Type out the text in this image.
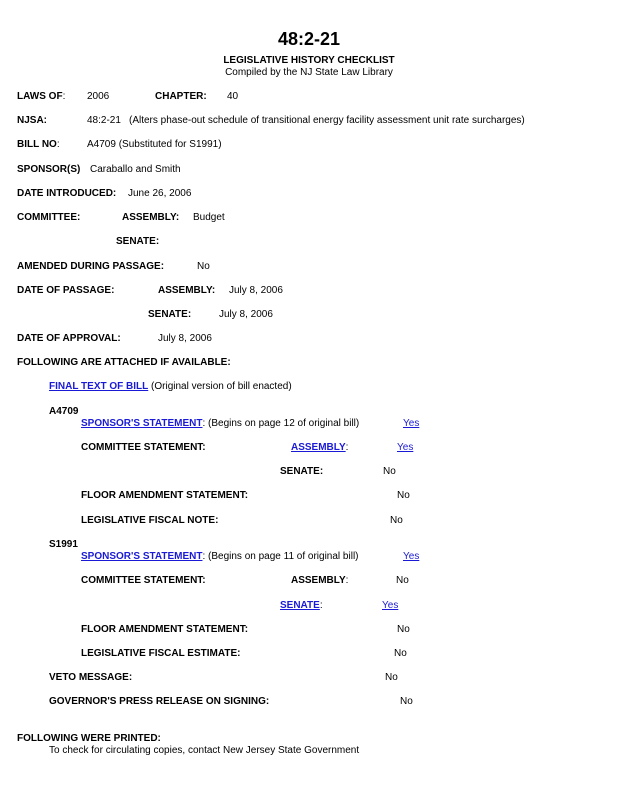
48:2-21
LEGISLATIVE HISTORY CHECKLIST
Compiled by the NJ State Law Library
LAWS OF: 2006	CHAPTER: 40
NJSA:	48:2-21 (Alters phase-out schedule of transitional energy facility assessment unit rate surcharges)
BILL NO:	A4709 (Substituted for S1991)
SPONSOR(S) Caraballo and Smith
DATE INTRODUCED: June 26, 2006
COMMITTEE:	ASSEMBLY: Budget
SENATE:
AMENDED DURING PASSAGE:	No
DATE OF PASSAGE:	ASSEMBLY: July 8, 2006
SENATE:	July 8, 2006
DATE OF APPROVAL:	July 8, 2006
FOLLOWING ARE ATTACHED IF AVAILABLE:
FINAL TEXT OF BILL (Original version of bill enacted)
A4709
SPONSOR'S STATEMENT: (Begins on page 12 of original bill)	Yes
COMMITTEE STATEMENT:	ASSEMBLY:	Yes
SENATE:	No
FLOOR AMENDMENT STATEMENT:	No
LEGISLATIVE FISCAL NOTE:	No
S1991
SPONSOR'S STATEMENT: (Begins on page 11 of original bill)	Yes
COMMITTEE STATEMENT:	ASSEMBLY:	No
SENATE:	Yes
FLOOR AMENDMENT STATEMENT:	No
LEGISLATIVE FISCAL ESTIMATE:	No
VETO MESSAGE:	No
GOVERNOR'S PRESS RELEASE ON SIGNING:	No
FOLLOWING WERE PRINTED:
To check for circulating copies, contact New Jersey State Government
